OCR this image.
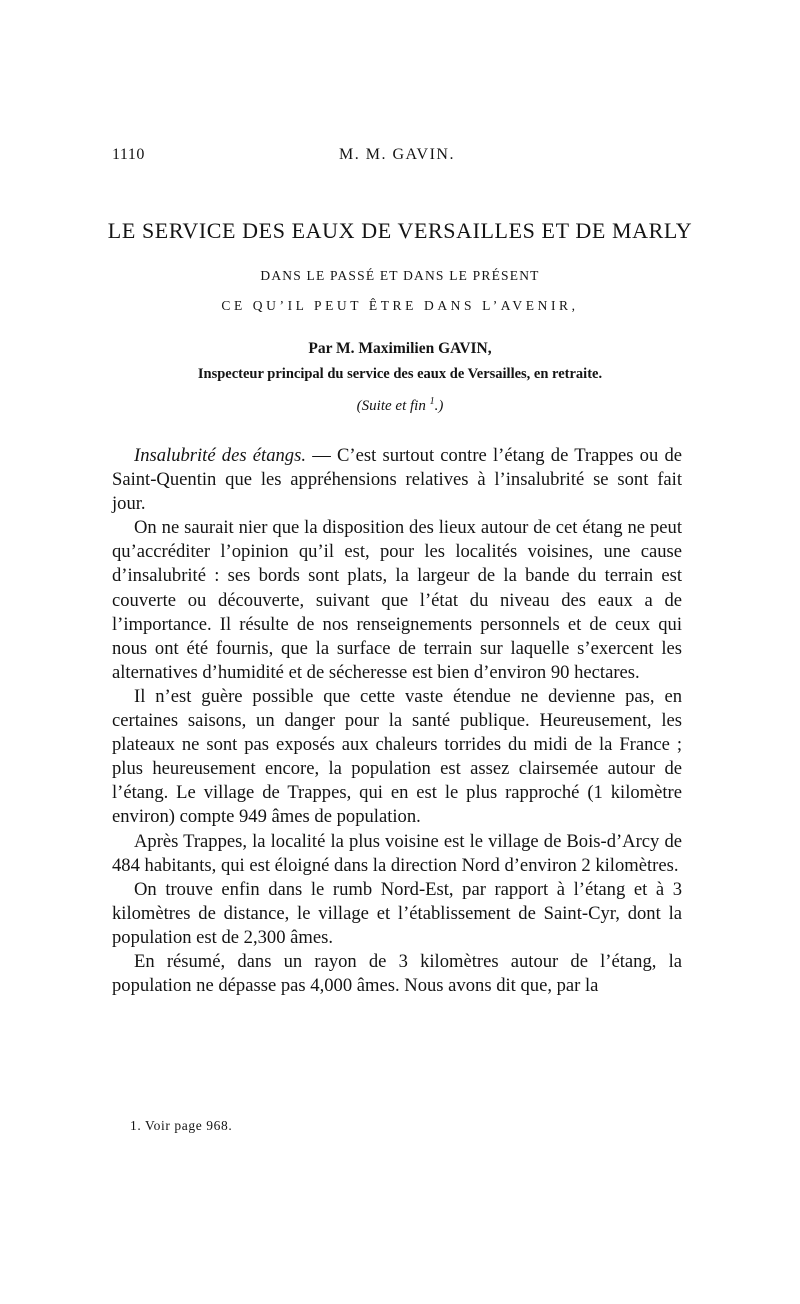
1110	M. M. GAVIN.
LE SERVICE DES EAUX DE VERSAILLES ET DE MARLY
DANS LE PASSÉ ET DANS LE PRÉSENT
CE QU’IL PEUT ÊTRE DANS L’AVENIR,
Par M. Maximilien GAVIN,
Inspecteur principal du service des eaux de Versailles, en retraite.
(Suite et fin $^1$.)

Insalubrité des étangs. — C’est surtout contre l’étang de Trappes ou de Saint-Quentin que les appréhensions relatives à l’insalubrité se sont fait jour.

On ne saurait nier que la disposition des lieux autour de cet étang ne peut qu’accréditer l’opinion qu’il est, pour les localités voisines, une cause d’insalubrité : ses bords sont plats, la largeur de la bande du terrain est couverte ou découverte, suivant que l’état du niveau des eaux a de l’importance. Il résulte de nos renseignements personnels et de ceux qui nous ont été fournis, que la surface de terrain sur laquelle s’exercent les alternatives d’humidité et de sécheresse est bien d’environ 90 hectares.

Il n’est guère possible que cette vaste étendue ne devienne pas, en certaines saisons, un danger pour la santé publique. Heureusement, les plateaux ne sont pas exposés aux chaleurs torrides du midi de la France ; plus heureusement encore, la population est assez clairsemée autour de l’étang. Le village de Trappes, qui en est le plus rapproché (1 kilomètre environ) compte 949 âmes de population.

Après Trappes, la localité la plus voisine est le village de Bois-d’Arcy de 484 habitants, qui est éloigné dans la direction Nord d’environ 2 kilomètres.

On trouve enfin dans le rumb Nord-Est, par rapport à l’étang et à 3 kilomètres de distance, le village et l’établissement de Saint-Cyr, dont la population est de 2,300 âmes.

En résumé, dans un rayon de 3 kilomètres autour de l’étang, la population ne dépasse pas 4,000 âmes. Nous avons dit que, par la

1. Voir page 968.
